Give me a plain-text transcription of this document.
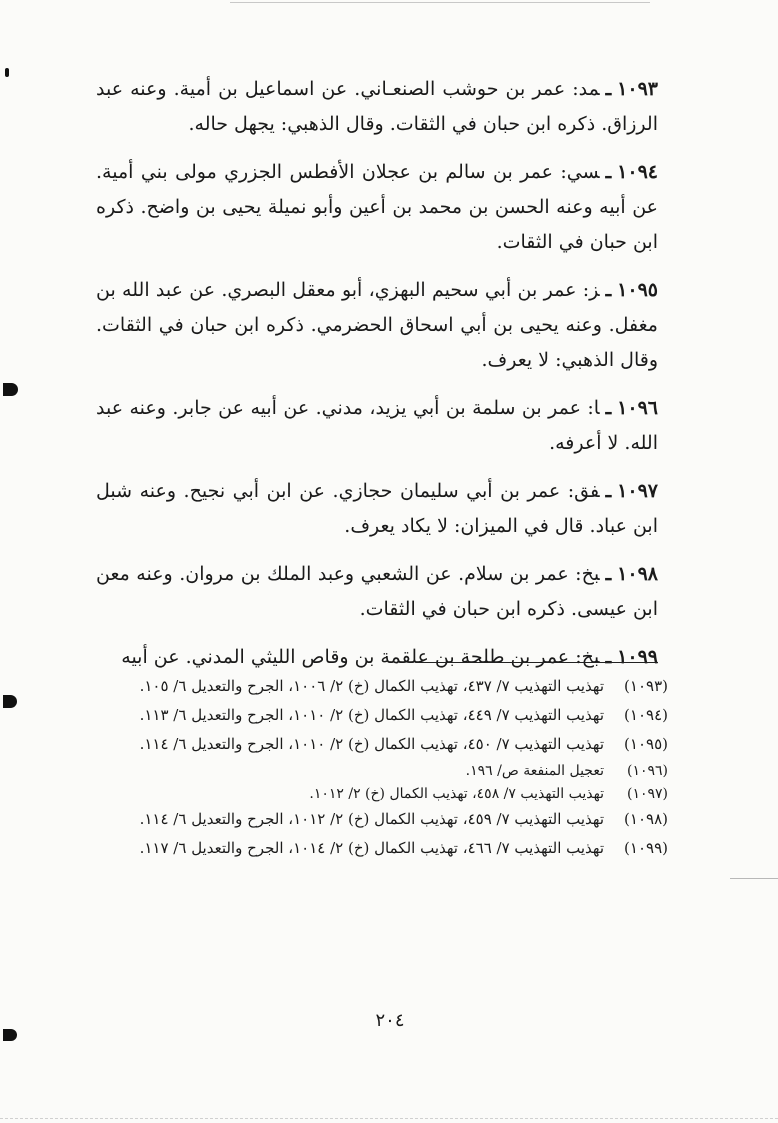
١٠٩٣ـمد: عمر بن حوشب الصنعـاني. عن اسماعيل بن أمية. وعنه عبد الرزاق. ذكره ابن حبان في الثقات. وقال الذهبي: يجهل حاله.

١٠٩٤ـسي: عمر بن سالم بن عجلان الأفطس الجزري مولى بني أمية. عن أبيه وعنه الحسن بن محمد بن أعين وأبو نميلة يحيى بن واضح. ذكره ابن حبان في الثقات.

١٠٩٥ـز: عمر بن أبي سحيم البهزي، أبو معقل البصري. عن عبد الله بن مغفل. وعنه يحيى بن أبي اسحاق الحضرمي. ذكره ابن حبان في الثقات. وقال الذهبي: لا يعرف.

١٠٩٦ـا: عمر بن سلمة بن أبي يزيد، مدني. عن أبيه عن جابر. وعنه عبد الله. لا أعرفه.

١٠٩٧ـفق: عمر بن أبي سليمان حجازي. عن ابن أبي نجيح. وعنه شبل ابن عباد. قال في الميزان: لا يكاد يعرف.

١٠٩٨ـبخ: عمر بن سلام. عن الشعبي وعبد الملك بن مروان. وعنه معن ابن عيسى. ذكره ابن حبان في الثقات.

١٠٩٩ـبخ: عمر بن طلحة بن علقمة بن وقاص الليثي المدني. عن أبيه

(١٠٩٣)
تهذيب التهذيب ٧/ ٤٣٧، تهذيب الكمال (خ) ٢/ ١٠٠٦، الجرح والتعديل ٦/ ١٠٥.
(١٠٩٤)
تهذيب التهذيب ٧/ ٤٤٩، تهذيب الكمال (خ) ٢/ ١٠١٠، الجرح والتعديل ٦/ ١١٣.
(١٠٩٥)
تهذيب التهذيب ٧/ ٤٥٠، تهذيب الكمال (خ) ٢/ ١٠١٠، الجرح والتعديل ٦/ ١١٤.
(١٠٩٦)
تعجيل المنفعة ص/ ١٩٦.
(١٠٩٧)
تهذيب التهذيب ٧/ ٤٥٨، تهذيب الكمال (خ) ٢/ ١٠١٢.
(١٠٩٨)
تهذيب التهذيب ٧/ ٤٥٩، تهذيب الكمال (خ) ٢/ ١٠١٢، الجرح والتعديل ٦/ ١١٤.
(١٠٩٩)
تهذيب التهذيب ٧/ ٤٦٦، تهذيب الكمال (خ) ٢/ ١٠١٤، الجرح والتعديل ٦/ ١١٧.
٢٠٤
